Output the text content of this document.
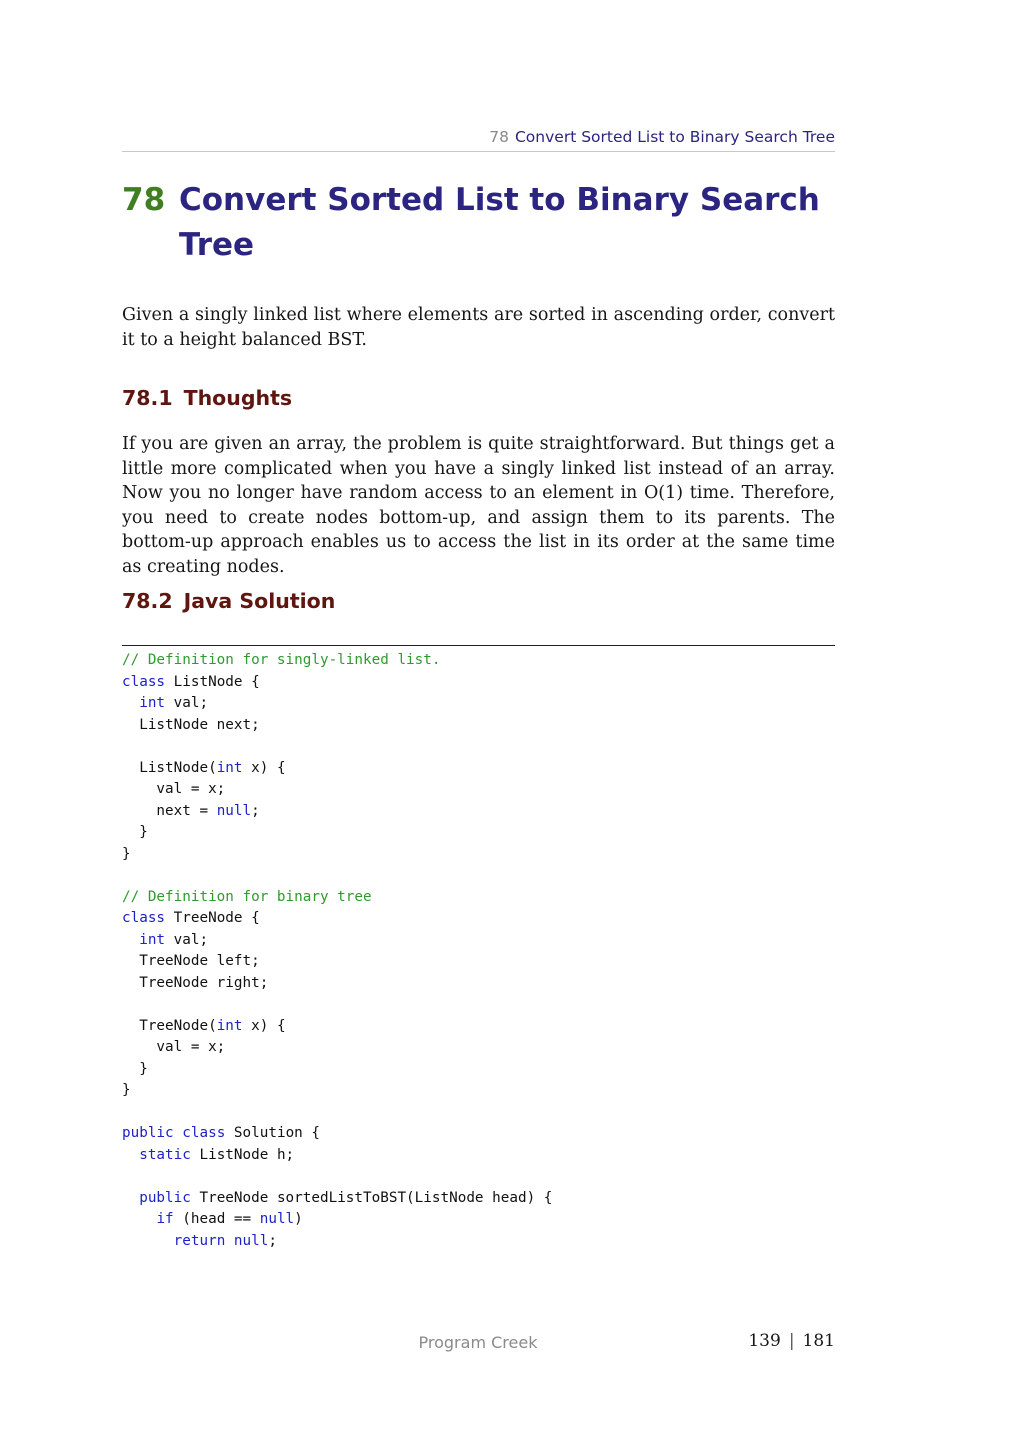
78 Convert Sorted List to Binary Search Tree
78 Convert Sorted List to Binary Search Tree

Given a singly linked list where elements are sorted in ascending order, convert it to a height balanced BST.

78.1 Thoughts

If you are given an array, the problem is quite straightforward. But things get a little more complicated when you have a singly linked list instead of an array. Now you no longer have random access to an element in O(1) time. Therefore, you need to create nodes bottom-up, and assign them to its parents. The bottom-up approach enables us to access the list in its order at the same time as creating nodes.

78.2 Java Solution
// Definition for singly-linked list.
class ListNode {
int val;
ListNode next;
ListNode(int x) {
val = x;
next = null;
}
}
// Definition for binary tree
class TreeNode {
int val;
TreeNode left;
TreeNode right;
TreeNode(int x) {
val = x;
}
}
public class Solution {
static ListNode h;
public TreeNode sortedListToBST(ListNode head) {
if (head == null)
return null;
Program Creek	139 | 181
